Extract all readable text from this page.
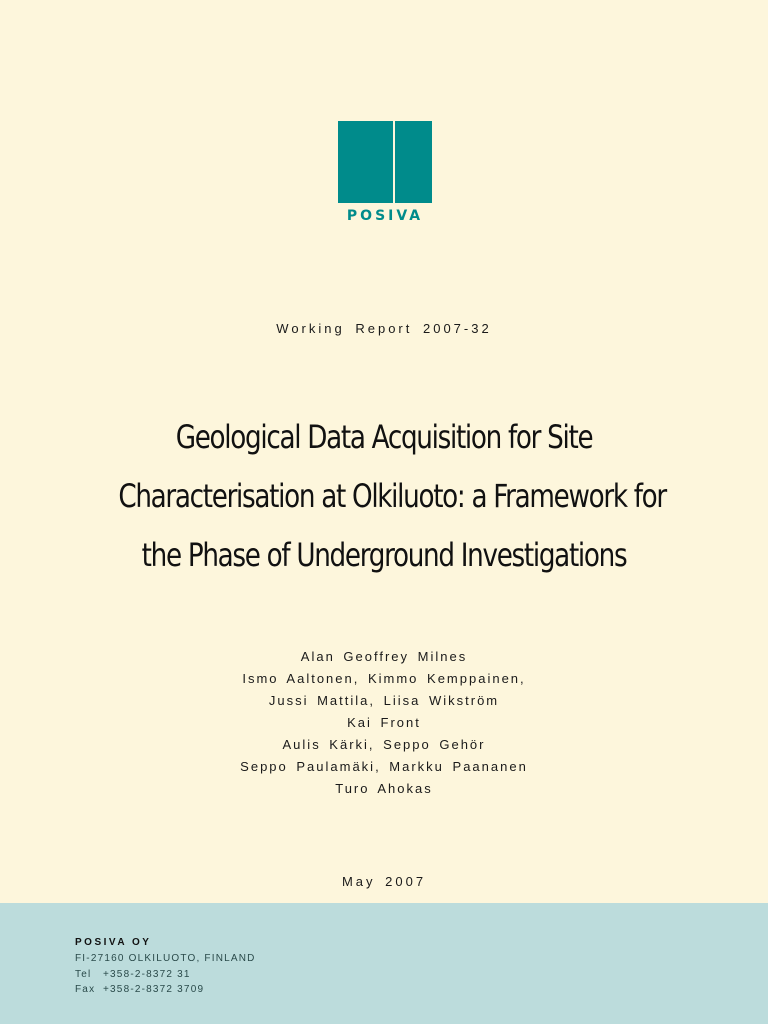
POSIVA
Working Report 2007-32
Geological Data Acquisition for Site
Characterisation at Olkiluoto: a Framework for
the Phase of Underground Investigations
Alan Geoffrey Milnes
Ismo Aaltonen, Kimmo Kemppainen,
Jussi Mattila, Liisa Wikström
Kai Front
Aulis Kärki, Seppo Gehör
Seppo Paulamäki, Markku Paananen
Turo Ahokas
May 2007
POSIVA OY
FI-27160 OLKILUOTO, FINLAND
Tel +358-2-8372 31
Fax +358-2-8372 3709
